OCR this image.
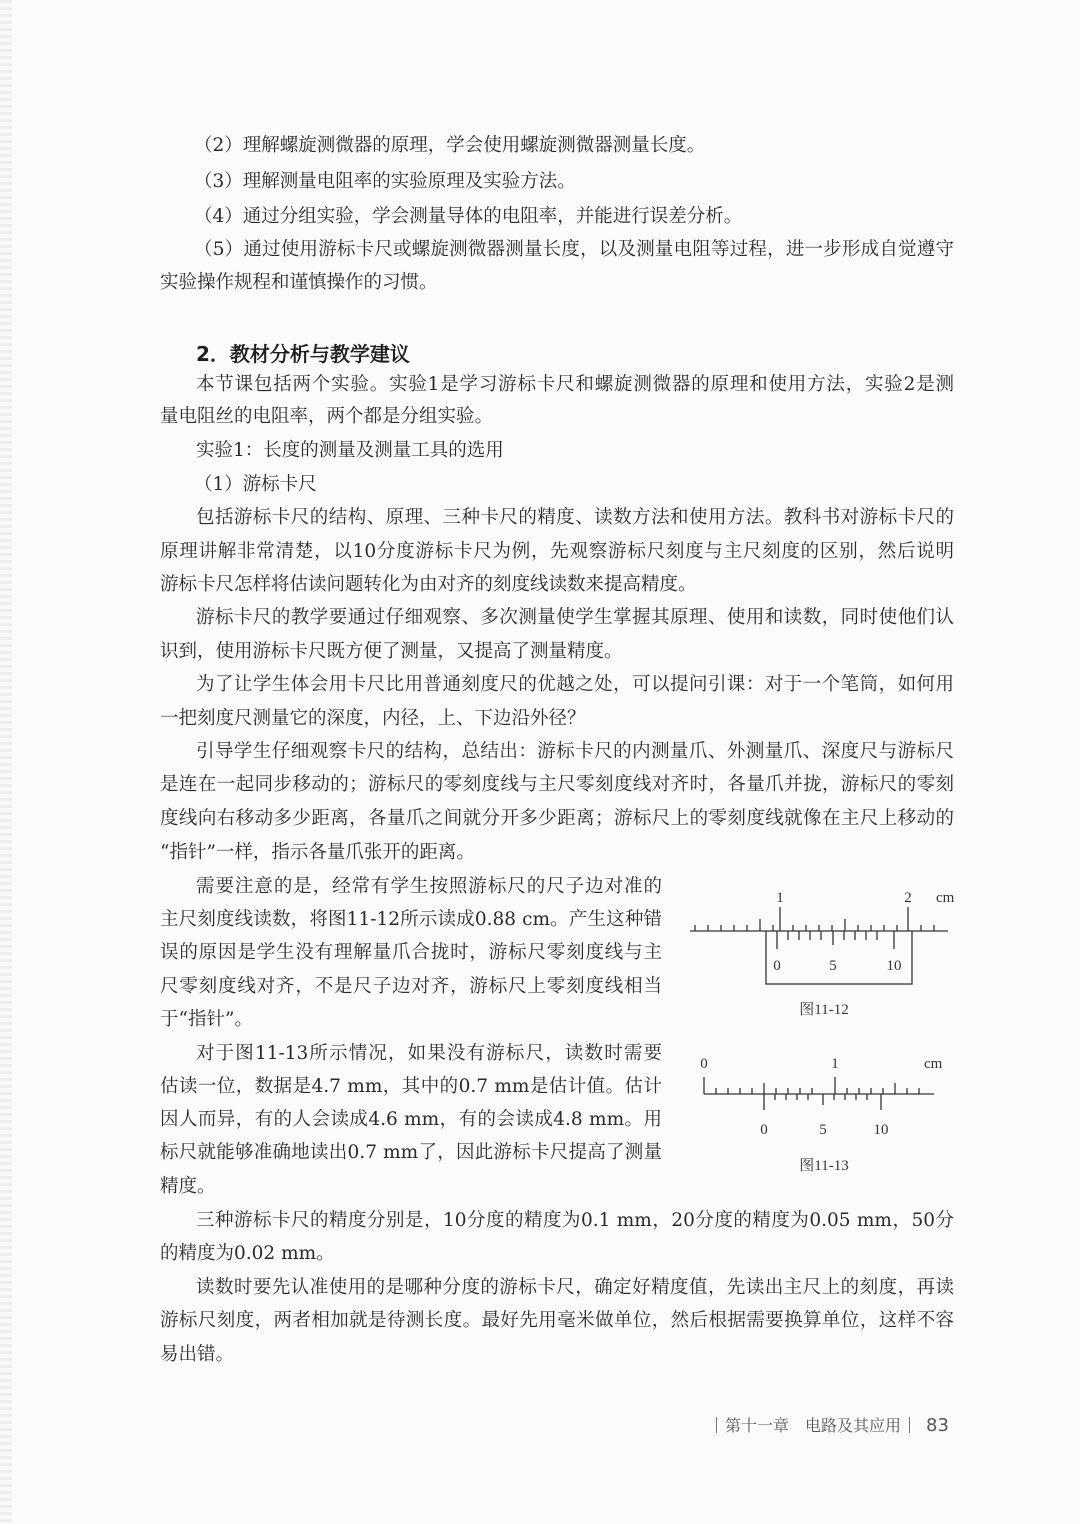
（2）理解螺旋测微器的原理，学会使用螺旋测微器测量长度。
（3）理解测量电阻率的实验原理及实验方法。
（4）通过分组实验，学会测量导体的电阻率，并能进行误差分析。
（5）通过使用游标卡尺或螺旋测微器测量长度，以及测量电阻等过程，进一步形成自觉遵守
实验操作规程和谨慎操作的习惯。
2．教材分析与教学建议
本节课包括两个实验。实验1是学习游标卡尺和螺旋测微器的原理和使用方法，实验2是测
量电阻丝的电阻率，两个都是分组实验。
实验1：长度的测量及测量工具的选用
（1）游标卡尺
包括游标卡尺的结构、原理、三种卡尺的精度、读数方法和使用方法。教科书对游标卡尺的
原理讲解非常清楚，以10分度游标卡尺为例，先观察游标尺刻度与主尺刻度的区别，然后说明
游标卡尺怎样将估读问题转化为由对齐的刻度线读数来提高精度。
游标卡尺的教学要通过仔细观察、多次测量使学生掌握其原理、使用和读数，同时使他们认
识到，使用游标卡尺既方便了测量，又提高了测量精度。
为了让学生体会用卡尺比用普通刻度尺的优越之处，可以提问引课：对于一个笔筒，如何用
一把刻度尺测量它的深度，内径，上、下边沿外径？
引导学生仔细观察卡尺的结构，总结出：游标卡尺的内测量爪、外测量爪、深度尺与游标尺
是连在一起同步移动的；游标尺的零刻度线与主尺零刻度线对齐时，各量爪并拢，游标尺的零刻
度线向右移动多少距离，各量爪之间就分开多少距离；游标尺上的零刻度线就像在主尺上移动的
“指针”一样，指示各量爪张开的距离。
需要注意的是，经常有学生按照游标尺的尺子边对准的
主尺刻度线读数，将图11-12所示读成0.88 cm。产生这种错
误的原因是学生没有理解量爪合拢时，游标尺零刻度线与主
尺零刻度线对齐，不是尺子边对齐，游标尺上零刻度线相当
于“指针”。
对于图11-13所示情况，如果没有游标尺，读数时需要
估读一位，数据是4.7 mm，其中的0.7 mm是估计值。估计
因人而异，有的人会读成4.6 mm，有的会读成4.8 mm。用
标尺就能够准确地读出0.7 mm了，因此游标卡尺提高了测量
精度。
三种游标卡尺的精度分别是，10分度的精度为0.1 mm，20分度的精度为0.05 mm，50分
的精度为0.02 mm。
读数时要先认准使用的是哪种分度的游标卡尺，确定好精度值，先读出主尺上的刻度，再读
游标尺刻度，两者相加就是待测长度。最好先用毫米做单位，然后根据需要换算单位，这样不容
易出错。
1	2 cm
0	5	10
图11-12
0	1	cm
0	5	10
图11-13
第十一章　电路及其应用 83
